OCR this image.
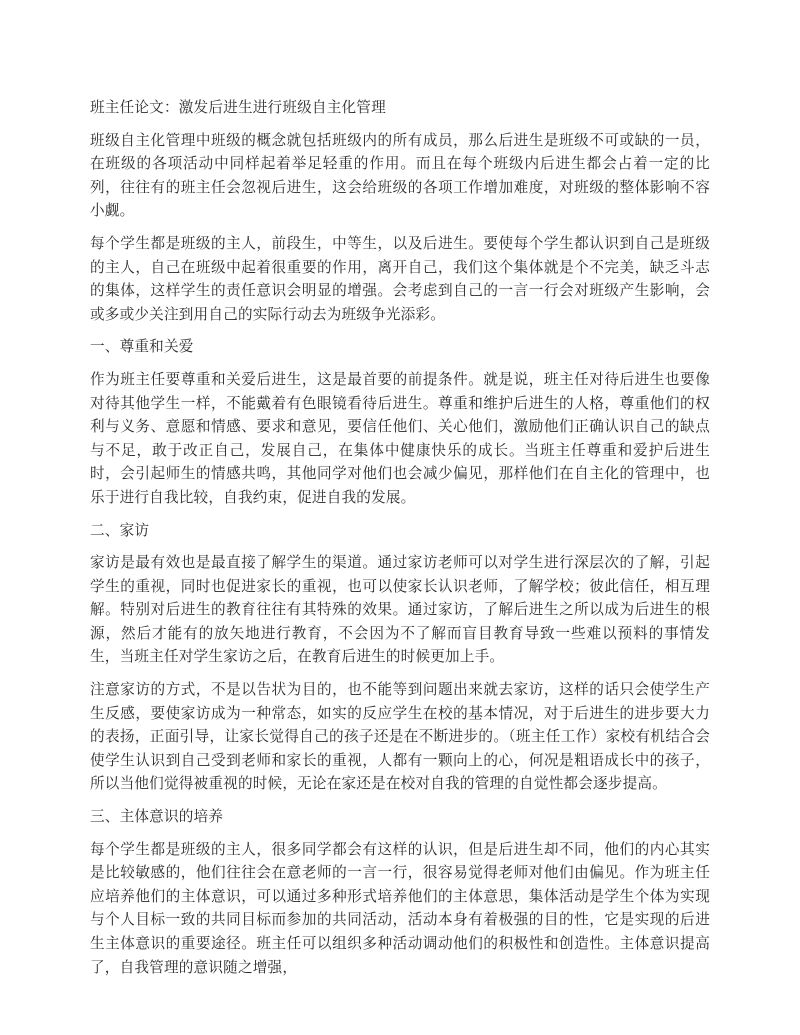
班主任论文：激发后进生进行班级自主化管理
班级自主化管理中班级的概念就包括班级内的所有成员，那么后进生是班级不可或缺的一员，在班级的各项活动中同样起着举足轻重的作用。而且在每个班级内后进生都会占着一定的比列，往往有的班主任会忽视后进生，这会给班级的各项工作增加难度，对班级的整体影响不容小觑。
每个学生都是班级的主人，前段生，中等生，以及后进生。要使每个学生都认识到自己是班级的主人，自己在班级中起着很重要的作用，离开自己，我们这个集体就是个不完美，缺乏斗志的集体，这样学生的责任意识会明显的增强。会考虑到自己的一言一行会对班级产生影响，会或多或少关注到用自己的实际行动去为班级争光添彩。
一、尊重和关爱
作为班主任要尊重和关爱后进生，这是最首要的前提条件。就是说，班主任对待后进生也要像对待其他学生一样，不能戴着有色眼镜看待后进生。尊重和维护后进生的人格，尊重他们的权利与义务、意愿和情感、要求和意见，要信任他们、关心他们，激励他们正确认识自己的缺点与不足，敢于改正自己，发展自己，在集体中健康快乐的成长。当班主任尊重和爱护后进生时，会引起师生的情感共鸣，其他同学对他们也会减少偏见，那样他们在自主化的管理中，也乐于进行自我比较，自我约束，促进自我的发展。
二、家访
家访是最有效也是最直接了解学生的渠道。通过家访老师可以对学生进行深层次的了解，引起学生的重视，同时也促进家长的重视，也可以使家长认识老师，了解学校；彼此信任，相互理解。特别对后进生的教育往往有其特殊的效果。通过家访，了解后进生之所以成为后进生的根源，然后才能有的放矢地进行教育，不会因为不了解而盲目教育导致一些难以预料的事情发生，当班主任对学生家访之后，在教育后进生的时候更加上手。
注意家访的方式，不是以告状为目的，也不能等到问题出来就去家访，这样的话只会使学生产生反感，要使家访成为一种常态，如实的反应学生在校的基本情况，对于后进生的进步要大力的表扬，正面引导，让家长觉得自己的孩子还是在不断进步的。（班主任工作）家校有机结合会使学生认识到自己受到老师和家长的重视，人都有一颗向上的心，何况是粗语成长中的孩子，所以当他们觉得被重视的时候，无论在家还是在校对自我的管理的自觉性都会逐步提高。
三、主体意识的培养
每个学生都是班级的主人，很多同学都会有这样的认识，但是后进生却不同，他们的内心其实是比较敏感的，他们往往会在意老师的一言一行，很容易觉得老师对他们由偏见。作为班主任应培养他们的主体意识，可以通过多种形式培养他们的主体意思，集体活动是学生个体为实现与个人目标一致的共同目标而参加的共同活动，活动本身有着极强的目的性，它是实现的后进生主体意识的重要途径。班主任可以组织多种活动调动他们的积极性和创造性。主体意识提高了，自我管理的意识随之增强，
